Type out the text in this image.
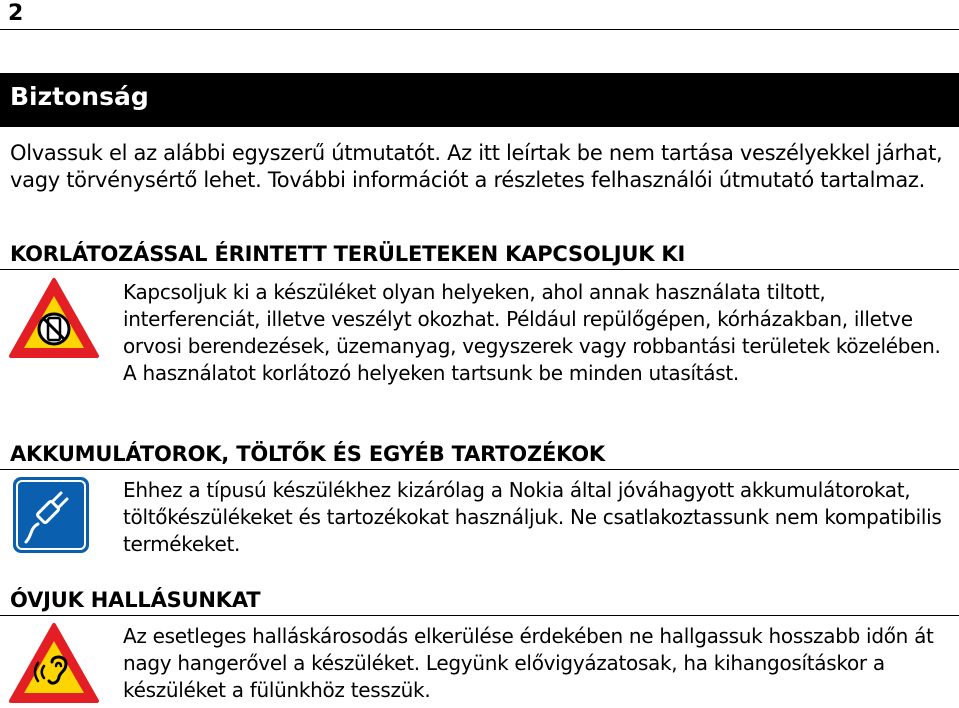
2
Biztonság
Olvassuk el az alábbi egyszerű útmutatót. Az itt leírtak be nem tartása veszélyekkel járhat, vagy törvénysértő lehet. További információt a részletes felhasználói útmutató tartalmaz.
KORLÁTOZÁSSAL ÉRINTETT TERÜLETEKEN KAPCSOLJUK KI
Kapcsoljuk ki a készüléket olyan helyeken, ahol annak használata tiltott, interferenciát, illetve veszélyt okozhat. Például repülőgépen, kórházakban, illetve orvosi berendezések, üzemanyag, vegyszerek vagy robbantási területek közelében. A használatot korlátozó helyeken tartsunk be minden utasítást.
AKKUMULÁTOROK, TÖLTŐK ÉS EGYÉB TARTOZÉKOK
Ehhez a típusú készülékhez kizárólag a Nokia által jóváhagyott akkumulátorokat, töltőkészülékeket és tartozékokat használjuk. Ne csatlakoztassunk nem kompatibilis termékeket.
ÓVJUK HALLÁSUNKAT
Az esetleges halláskárosodás elkerülése érdekében ne hallgassuk hosszabb időn át nagy hangerővel a készüléket. Legyünk elővigyázatosak, ha kihangosításkor a készüléket a fülünkhöz tesszük.
